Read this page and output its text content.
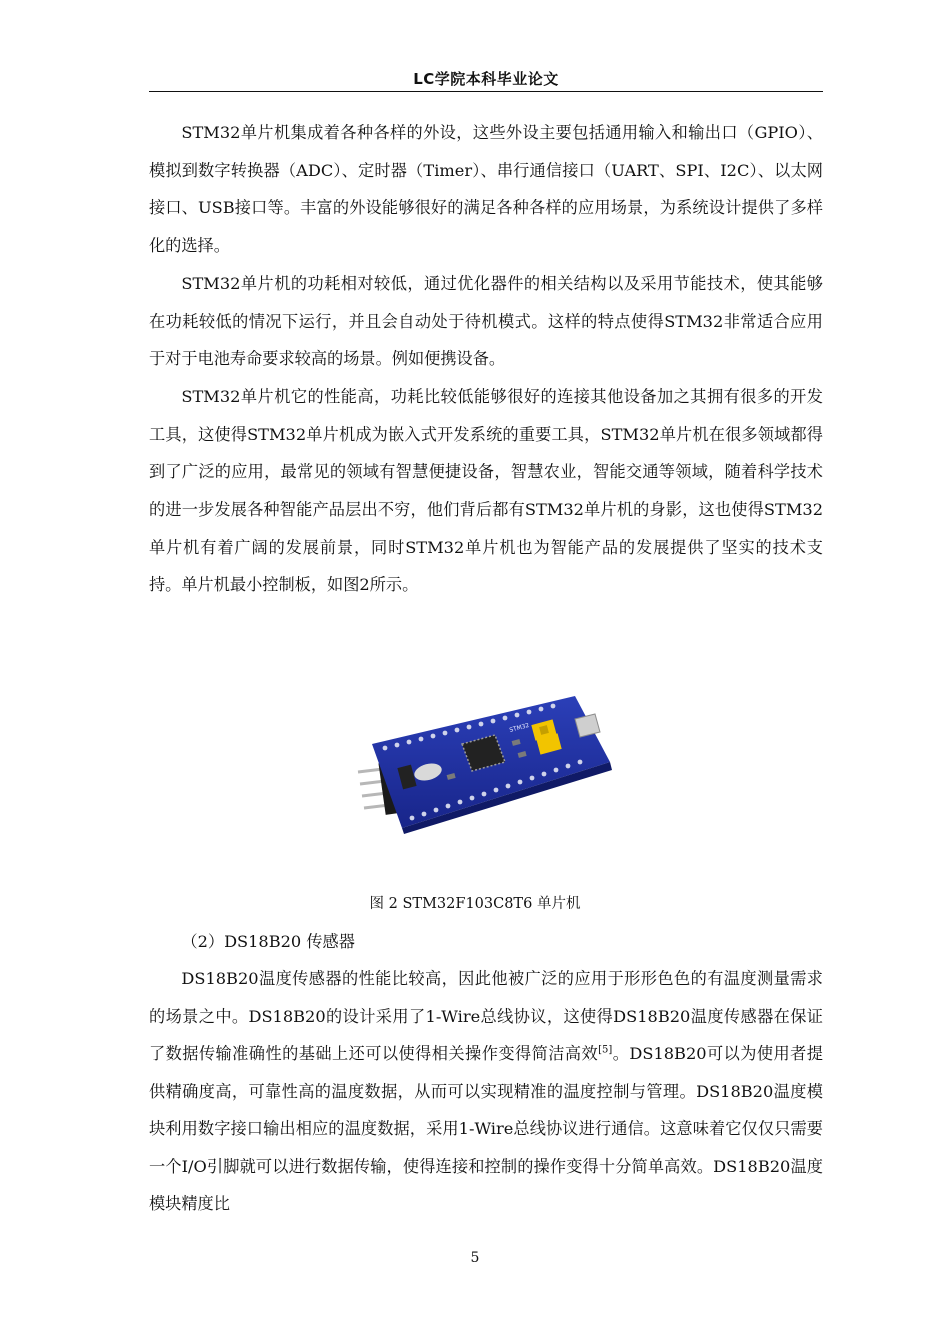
LC学院本科毕业论文

STM32单片机集成着各种各样的外设，这些外设主要包括通用输入和输出口（GPIO）、模拟到数字转换器（ADC）、定时器（Timer）、串行通信接口（UART、SPI、I2C）、以太网接口、USB接口等。丰富的外设能够很好的满足各种各样的应用场景，为系统设计提供了多样化的选择。

STM32单片机的功耗相对较低，通过优化器件的相关结构以及采用节能技术，使其能够在功耗较低的情况下运行，并且会自动处于待机模式。这样的特点使得STM32非常适合应用于对于电池寿命要求较高的场景。例如便携设备。

STM32单片机它的性能高，功耗比较低能够很好的连接其他设备加之其拥有很多的开发工具，这使得STM32单片机成为嵌入式开发系统的重要工具，STM32单片机在很多领域都得到了广泛的应用，最常见的领域有智慧便捷设备，智慧农业，智能交通等领域，随着科学技术的进一步发展各种智能产品层出不穷，他们背后都有STM32单片机的身影，这也使得STM32单片机有着广阔的发展前景，同时STM32单片机也为智能产品的发展提供了坚实的技术支持。单片机最小控制板，如图2所示。

STM32
图 2 STM32F103C8T6 单片机
（2）DS18B20 传感器

DS18B20温度传感器的性能比较高，因此他被广泛的应用于形形色色的有温度测量需求的场景之中。DS18B20的设计采用了1-Wire总线协议，这使得DS18B20温度传感器在保证了数据传输准确性的基础上还可以使得相关操作变得简洁高效[5]。DS18B20可以为使用者提供精确度高，可靠性高的温度数据，从而可以实现精准的温度控制与管理。DS18B20温度模块利用数字接口输出相应的温度数据，采用1-Wire总线协议进行通信。这意味着它仅仅只需要一个I/O引脚就可以进行数据传输，使得连接和控制的操作变得十分简单高效。DS18B20温度模块精度比

5
